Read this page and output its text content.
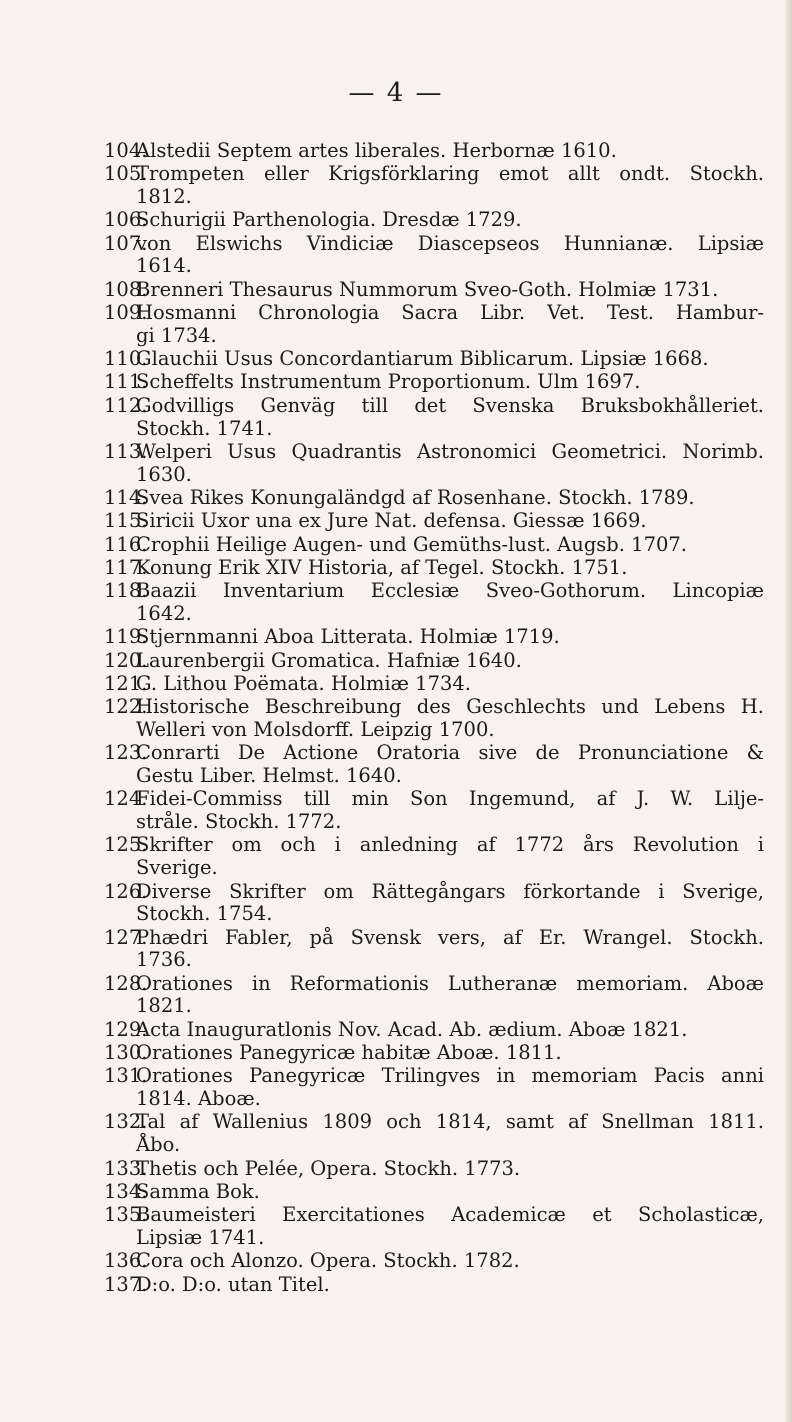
— 4 —
104.
Alstedii Septem artes liberales. Herbornæ 1610.
105.
Trompeten eller Krigsförklaring emot allt ondt. Stockh.
1812.
106.
Schurigii Parthenologia. Dresdæ 1729.
107.
von Elswichs Vindiciæ Diascepseos Hunnianæ. Lipsiæ
1614.
108.
Brenneri Thesaurus Nummorum Sveo-Goth. Holmiæ 1731.
109.
Hosmanni Chronologia Sacra Libr. Vet. Test. Hambur-
gi 1734.
110.
Glauchii Usus Concordantiarum Biblicarum. Lipsiæ 1668.
111.
Scheffelts Instrumentum Proportionum. Ulm 1697.
112.
Godvilligs Genväg till det Svenska Bruksbokhålleriet.
Stockh. 1741.
113.
Welperi Usus Quadrantis Astronomici Geometrici. Norimb.
1630.
114.
Svea Rikes Konungaländgd af Rosenhane. Stockh. 1789.
115.
Siricii Uxor una ex Jure Nat. defensa. Giessæ 1669.
116.
Crophii Heilige Augen- und Gemüths-lust. Augsb. 1707.
117.
Konung Erik XIV Historia, af Tegel. Stockh. 1751.
118.
Baazii Inventarium Ecclesiæ Sveo-Gothorum. Lincopiæ
1642.
119.
Stjernmanni Aboa Litterata. Holmiæ 1719.
120.
Laurenbergii Gromatica. Hafniæ 1640.
121.
G. Lithou Poëmata. Holmiæ 1734.
122.
Historische Beschreibung des Geschlechts und Lebens H.
Welleri von Molsdorff. Leipzig 1700.
123.
Conrarti De Actione Oratoria sive de Pronunciatione &
Gestu Liber. Helmst. 1640.
124.
Fidei-Commiss till min Son Ingemund, af J. W. Lilje-
stråle. Stockh. 1772.
125.
Skrifter om och i anledning af 1772 års Revolution i
Sverige.
126.
Diverse Skrifter om Rättegångars förkortande i Sverige,
Stockh. 1754.
127.
Phædri Fabler, på Svensk vers, af Er. Wrangel. Stockh.
1736.
128.
Orationes in Reformationis Lutheranæ memoriam. Aboæ
1821.
129.
Acta Inauguratlonis Nov. Acad. Ab. ædium. Aboæ 1821.
130.
Orationes Panegyricæ habitæ Aboæ. 1811.
131.
Orationes Panegyricæ Trilingves in memoriam Pacis anni
1814. Aboæ.
132.
Tal af Wallenius 1809 och 1814, samt af Snellman 1811.
Åbo.
133.
Thetis och Pelée, Opera. Stockh. 1773.
134.
Samma Bok.
135.
Baumeisteri Exercitationes Academicæ et Scholasticæ,
Lipsiæ 1741.
136.
Cora och Alonzo. Opera. Stockh. 1782.
137.
D:o. D:o. utan Titel.
